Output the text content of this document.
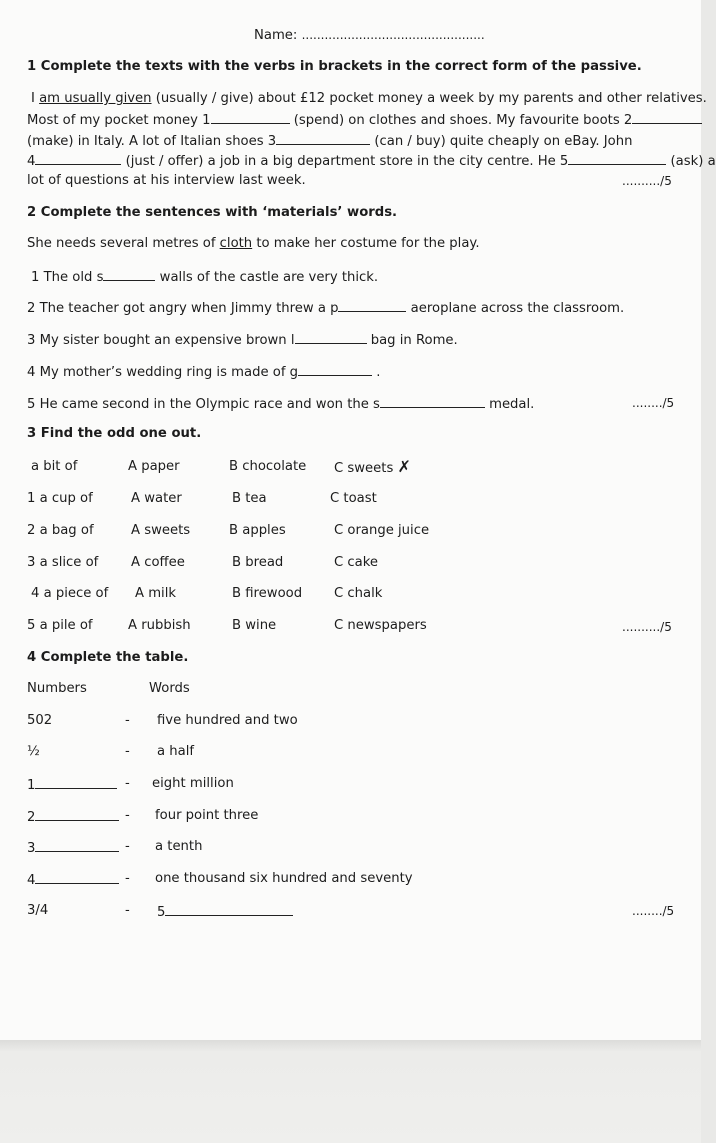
Name: ................................................
1 Complete the texts with the verbs in brackets in the correct form of the passive.
I am usually given (usually / give) about £12 pocket money a week by my parents and other relatives.
Most of my pocket money 1	(spend) on clothes and shoes. My favourite boots 2
(make) in Italy. A lot of Italian shoes 3	(can / buy) quite cheaply on eBay. John
4	(just / offer) a job in a big department store in the city centre. He 5	(ask) a
lot of questions at his interview last week.	........../5
2 Complete the sentences with ‘materials’ words.
She needs several metres of cloth to make her costume for the play.
1 The old s	walls of the castle are very thick.
2 The teacher got angry when Jimmy threw a p	aeroplane across the classroom.
3 My sister bought an expensive brown l	bag in Rome.
4 My mother’s wedding ring is made of g	.
5 He came second in the Olympic race and won the s	medal.	......../5
3 Find the odd one out.
a bit of	A paper	B chocolate C sweets ✗
1 a cup of	A water	B tea	C toast
2 a bag of	A sweets	B apples	C orange juice
3 a slice of A coffee	B bread	C cake
4 a piece of A milk	B firewood C chalk
5 a pile of	A rubbish	B wine	C newspapers	........../5
4 Complete the table.
Numbers	Words
502	- five hundred and two
½	- a half
1	- eight million
2	- four point three
3	- a tenth
4	- one thousand six hundred and seventy
3/4	- 5	......../5
